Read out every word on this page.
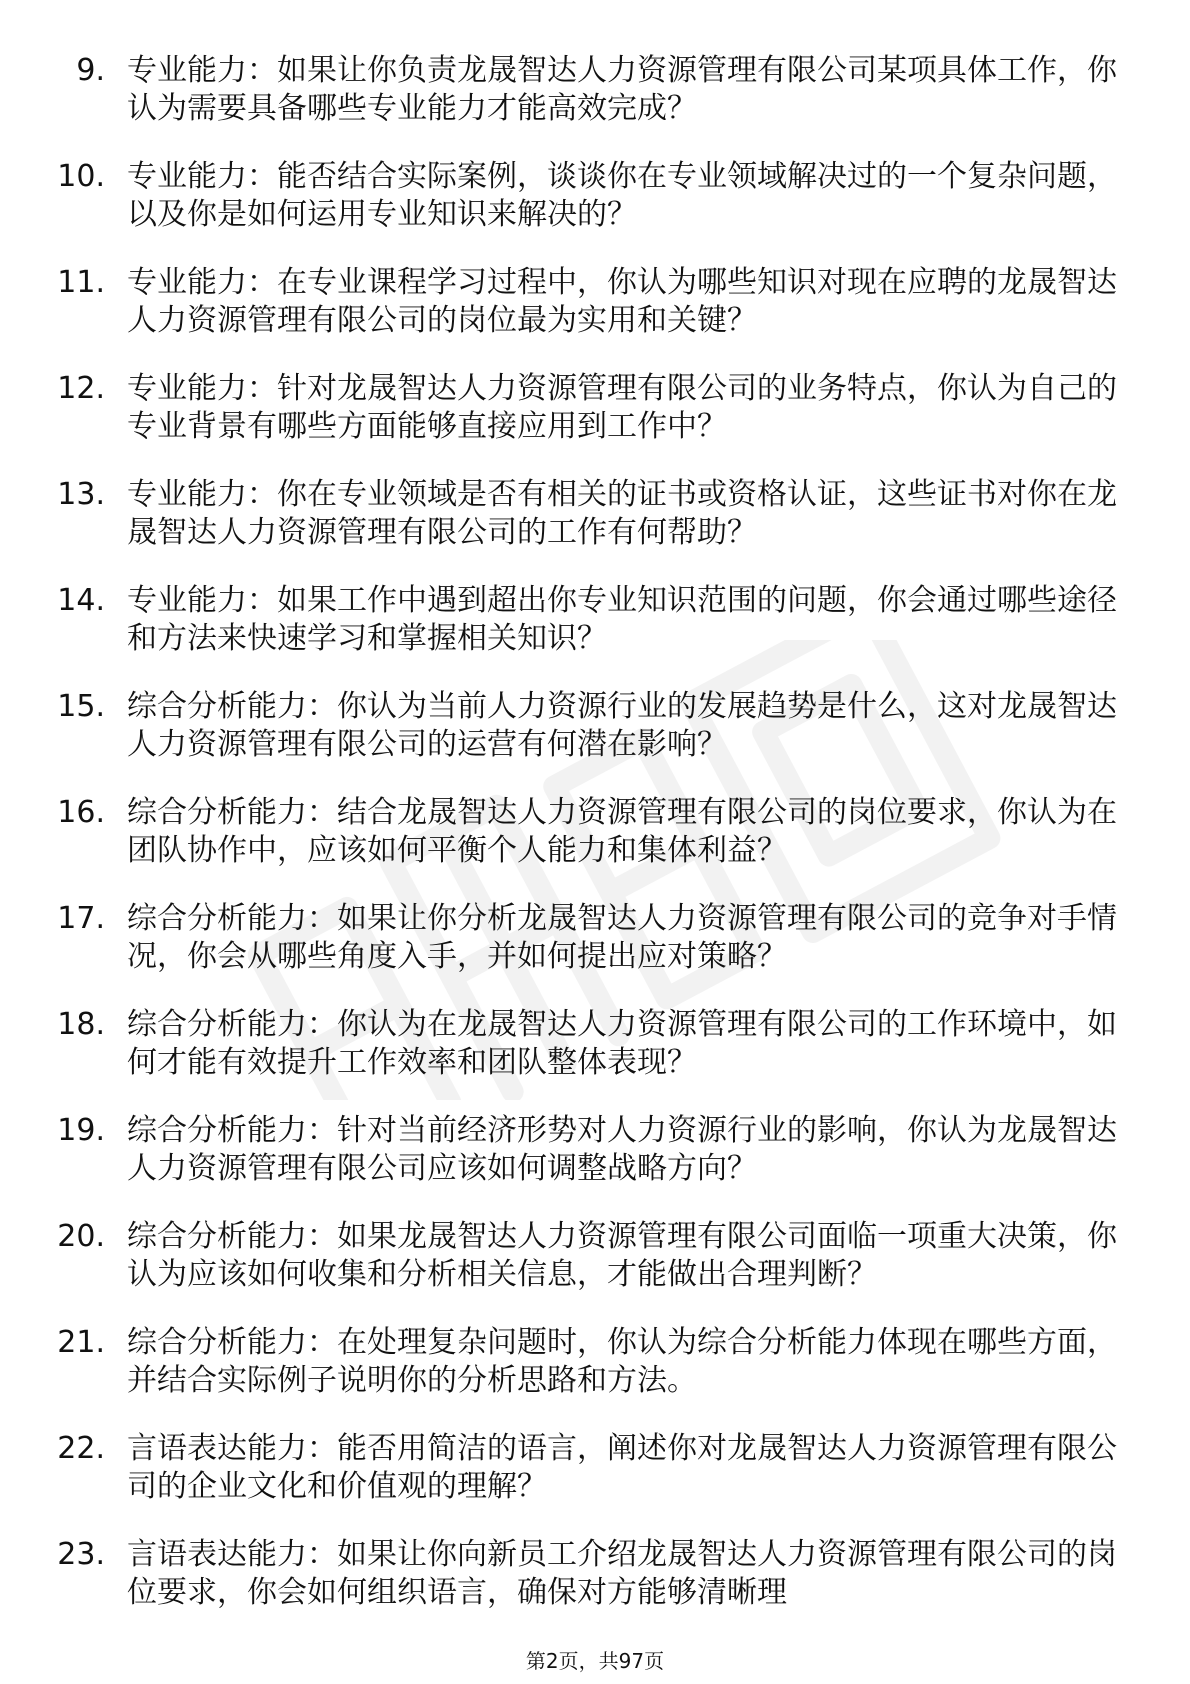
9. 专业能力：如果让你负责龙晟智达人力资源管理有限公司某项具体工作，你认为需要具备哪些专业能力才能高效完成？
10. 专业能力：能否结合实际案例，谈谈你在专业领域解决过的一个复杂问题，以及你是如何运用专业知识来解决的？
11. 专业能力：在专业课程学习过程中，你认为哪些知识对现在应聘的龙晟智达人力资源管理有限公司的岗位最为实用和关键？
12. 专业能力：针对龙晟智达人力资源管理有限公司的业务特点，你认为自己的专业背景有哪些方面能够直接应用到工作中？
13. 专业能力：你在专业领域是否有相关的证书或资格认证，这些证书对你在龙晟智达人力资源管理有限公司的工作有何帮助？
14. 专业能力：如果工作中遇到超出你专业知识范围的问题，你会通过哪些途径和方法来快速学习和掌握相关知识？
15. 综合分析能力：你认为当前人力资源行业的发展趋势是什么，这对龙晟智达人力资源管理有限公司的运营有何潜在影响？
16. 综合分析能力：结合龙晟智达人力资源管理有限公司的岗位要求，你认为在团队协作中，应该如何平衡个人能力和集体利益？
17. 综合分析能力：如果让你分析龙晟智达人力资源管理有限公司的竞争对手情况，你会从哪些角度入手，并如何提出应对策略？
18. 综合分析能力：你认为在龙晟智达人力资源管理有限公司的工作环境中，如何才能有效提升工作效率和团队整体表现？
19. 综合分析能力：针对当前经济形势对人力资源行业的影响，你认为龙晟智达人力资源管理有限公司应该如何调整战略方向？
20. 综合分析能力：如果龙晟智达人力资源管理有限公司面临一项重大决策，你认为应该如何收集和分析相关信息，才能做出合理判断？
21. 综合分析能力：在处理复杂问题时，你认为综合分析能力体现在哪些方面，并结合实际例子说明你的分析思路和方法。
22. 言语表达能力：能否用简洁的语言，阐述你对龙晟智达人力资源管理有限公司的企业文化和价值观的理解？
23. 言语表达能力：如果让你向新员工介绍龙晟智达人力资源管理有限公司的岗位要求，你会如何组织语言，确保对方能够清晰理
第2页，共97页
